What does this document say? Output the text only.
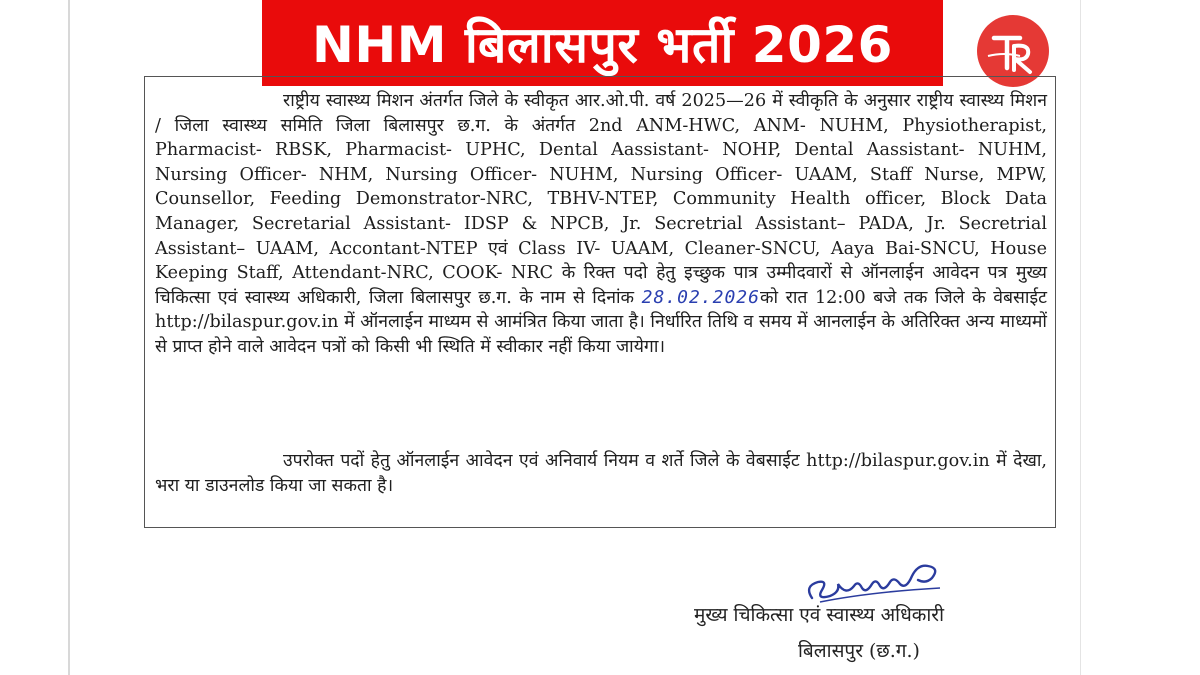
NHM बिलासपुर भर्ती 2026
राष्ट्रीय स्वास्थ्य मिशन अंतर्गत जिले के स्वीकृत आर.ओ.पी. वर्ष 2025—26 में स्वीकृति के अनुसार राष्ट्रीय स्वास्थ्य मिशन / जिला स्वास्थ्य समिति जिला बिलासपुर छ.ग. के अंतर्गत 2nd ANM-HWC, ANM- NUHM, Physiotherapist, Pharmacist- RBSK, Pharmacist- UPHC, Dental Aassistant- NOHP, Dental Aassistant- NUHM, Nursing Officer- NHM, Nursing Officer- NUHM, Nursing Officer- UAAM, Staff Nurse, MPW, Counsellor, Feeding Demonstrator-NRC, TBHV-NTEP, Community Health officer, Block Data Manager, Secretarial Assistant- IDSP & NPCB, Jr. Secretrial Assistant– PADA, Jr. Secretrial Assistant– UAAM, Accontant-NTEP एवं Class IV- UAAM, Cleaner-SNCU, Aaya Bai-SNCU, House Keeping Staff, Attendant-NRC, COOK- NRC के रिक्त पदो हेतु इच्छुक पात्र उम्मीदवारों से ऑनलाईन आवेदन पत्र मुख्य चिकित्सा एवं स्वास्थ्य अधिकारी, जिला बिलासपुर छ.ग. के नाम से दिनांक 28.02.2026को रात 12:00 बजे तक जिले के वेबसाईट http://bilaspur.gov.in में ऑनलाईन माध्यम से आमंत्रित किया जाता है। निर्धारित तिथि व समय में आनलाईन के अतिरिक्त अन्य माध्यमों से प्राप्त होने वाले आवेदन पत्रों को किसी भी स्थिति में स्वीकार नहीं किया जायेगा।
उपरोक्त पदों हेतु ऑनलाईन आवेदन एवं अनिवार्य नियम व शर्ते जिले के वेबसाईट http://bilaspur.gov.in में देखा, भरा या डाउनलोड किया जा सकता है।
मुख्य चिकित्सा एवं स्वास्थ्य अधिकारी
बिलासपुर (छ.ग.)
